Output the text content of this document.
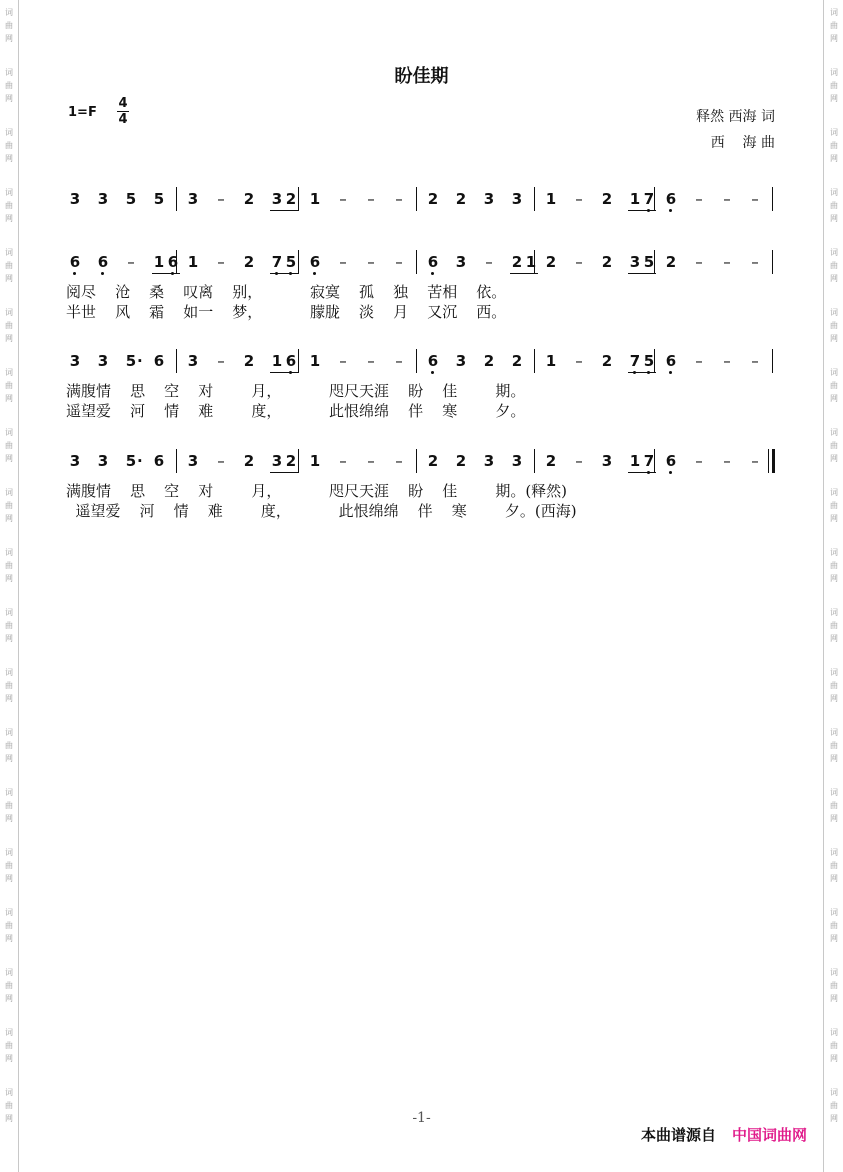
词
曲
网
词
曲
网
词
曲
网
词
曲
网
词
曲
网
词
曲
网
词
曲
网
词
曲
网
词
曲
网
词
曲
网
词
曲
网
词
曲
网
词
曲
网
词
曲
网
词
曲
网
词
曲
网
词
曲
网
词
曲
网
词
曲
网
词
曲
网
词
曲
网
词
曲
网
词
曲
网
词
曲
网
词
曲
网
词
曲
网
词
曲
网
词
曲
网
词
曲
网
词
曲
网
词
曲
网
词
曲
网
词
曲
网
词
曲
网
词
曲
网
词
曲
网
词
曲
网
词
曲
网
盼佳期
1=F
4
4	释然 西海 词
西    海 曲
3 3 5 5 3 – 2 3 2 1 – – – 2 2 3 3 1 – 2 1 7 6 – – –
6 6 – 1 6 1 – 2 7 5 6 – – – 6 3 – 2 1 2 – 2 3 5 2 – – –
阅尽    沧    桑    叹离    别，          寂寞    孤    独    苦相    依。
半世    风    霜    如一    梦，          朦胧    淡    月    又沉    西。
3 3 5 · 6 3 – 2 1 6 1 – – – 6 3 2 2 1 – 2 7 5 6 – – –
满腹情    思    空    对        月，          咫尺天涯    盼    佳        期。
遥望爱    河    情    难        度，          此恨绵绵    伴    寒        夕。
3 3 5 · 6 3 – 2 3 2 1 – – – 2 2 3 3 2 – 3 1 7 6 – – –
满腹情    思    空    对        月，          咫尺天涯    盼    佳        期。(释然)
遥望爱    河    情    难        度，          此恨绵绵    伴    寒        夕。(西海)
-1-
本曲谱源自 中国词曲网
